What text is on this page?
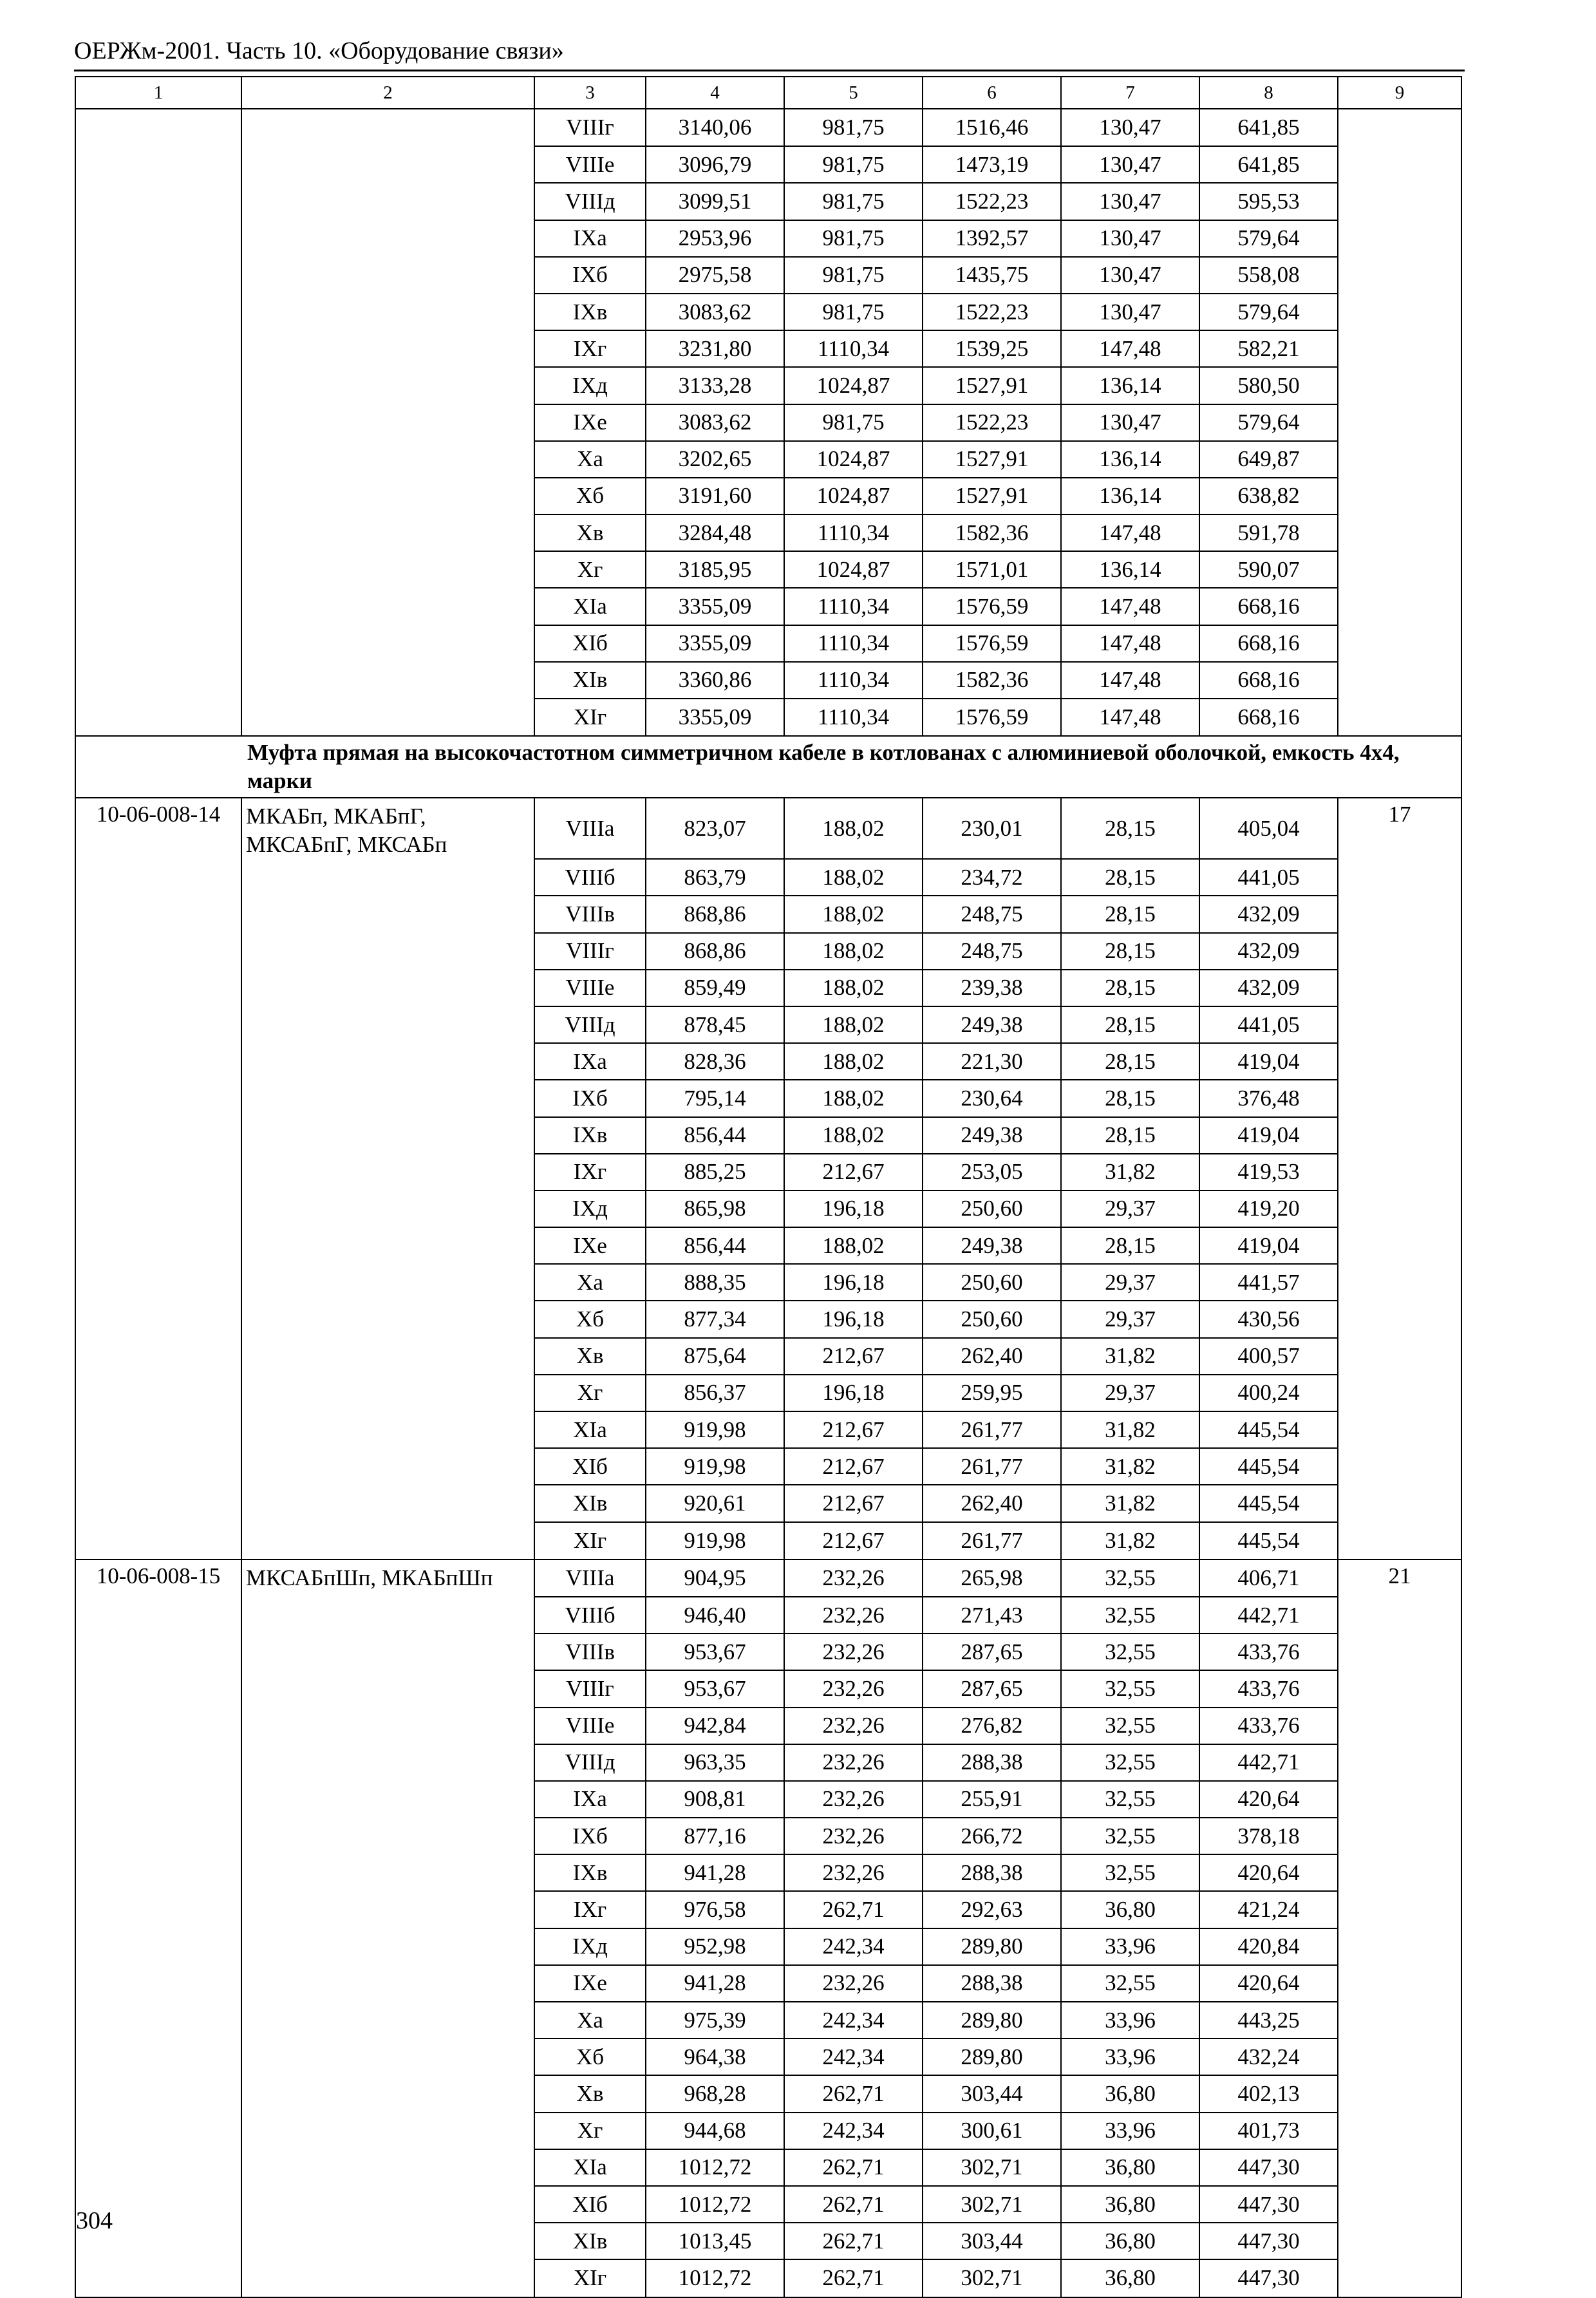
ОЕРЖм-2001. Часть 10. «Оборудование связи»
1	2	3	4	5	6	7	8	9
		VIIIг	3140,06	981,75	1516,46	130,47	641,85	
		VIIIе	3096,79	981,75	1473,19	130,47	641,85	
		VIIIд	3099,51	981,75	1522,23	130,47	595,53	
		IXа	2953,96	981,75	1392,57	130,47	579,64	
		IXб	2975,58	981,75	1435,75	130,47	558,08	
		IXв	3083,62	981,75	1522,23	130,47	579,64	
		IXг	3231,80	1110,34	1539,25	147,48	582,21	
		IXд	3133,28	1024,87	1527,91	136,14	580,50	
		IXе	3083,62	981,75	1522,23	130,47	579,64	
		Xа	3202,65	1024,87	1527,91	136,14	649,87	
		Xб	3191,60	1024,87	1527,91	136,14	638,82	
		Xв	3284,48	1110,34	1582,36	147,48	591,78	
		Xг	3185,95	1024,87	1571,01	136,14	590,07	
		XIа	3355,09	1110,34	1576,59	147,48	668,16	
		XIб	3355,09	1110,34	1576,59	147,48	668,16	
		XIв	3360,86	1110,34	1582,36	147,48	668,16	
		XIг	3355,09	1110,34	1576,59	147,48	668,16	

Муфта прямая на высокочастотном симметричном кабеле в котлованах с алюминиевой оболочкой, емкость 4х4, марки								

10-06-008-14	МКАБп, МКАБпГ, МКСАБпГ, МКСАБп	VIIIа	823,07	188,02	230,01	28,15	405,04	17
		VIIIб	863,79	188,02	234,72	28,15	441,05	
		VIIIв	868,86	188,02	248,75	28,15	432,09	
		VIIIг	868,86	188,02	248,75	28,15	432,09	
		VIIIе	859,49	188,02	239,38	28,15	432,09	
		VIIIд	878,45	188,02	249,38	28,15	441,05	
		IXа	828,36	188,02	221,30	28,15	419,04	
		IXб	795,14	188,02	230,64	28,15	376,48	
		IXв	856,44	188,02	249,38	28,15	419,04	
		IXг	885,25	212,67	253,05	31,82	419,53	
		IXд	865,98	196,18	250,60	29,37	419,20	
		IXе	856,44	188,02	249,38	28,15	419,04	
		Xа	888,35	196,18	250,60	29,37	441,57	
		Xб	877,34	196,18	250,60	29,37	430,56	
		Xв	875,64	212,67	262,40	31,82	400,57	
		Xг	856,37	196,18	259,95	29,37	400,24	
		XIа	919,98	212,67	261,77	31,82	445,54	
		XIб	919,98	212,67	261,77	31,82	445,54	
		XIв	920,61	212,67	262,40	31,82	445,54	
		XIг	919,98	212,67	261,77	31,82	445,54	
10-06-008-15	МКСАБпШп, МКАБпШп	VIIIа	904,95	232,26	265,98	32,55	406,71	21
		VIIIб	946,40	232,26	271,43	32,55	442,71	
		VIIIв	953,67	232,26	287,65	32,55	433,76	
		VIIIг	953,67	232,26	287,65	32,55	433,76	
		VIIIе	942,84	232,26	276,82	32,55	433,76	
		VIIIд	963,35	232,26	288,38	32,55	442,71	
		IXа	908,81	232,26	255,91	32,55	420,64	
		IXб	877,16	232,26	266,72	32,55	378,18	
		IXв	941,28	232,26	288,38	32,55	420,64	
		IXг	976,58	262,71	292,63	36,80	421,24	
		IXд	952,98	242,34	289,80	33,96	420,84	
		IXе	941,28	232,26	288,38	32,55	420,64	
		Xа	975,39	242,34	289,80	33,96	443,25	
		Xб	964,38	242,34	289,80	33,96	432,24	
		Xв	968,28	262,71	303,44	36,80	402,13	
		Xг	944,68	242,34	300,61	33,96	401,73	
		XIа	1012,72	262,71	302,71	36,80	447,30	
		XIб	1012,72	262,71	302,71	36,80	447,30	
		XIв	1013,45	262,71	303,44	36,80	447,30	
		XIг	1012,72	262,71	302,71	36,80	447,30	
304
